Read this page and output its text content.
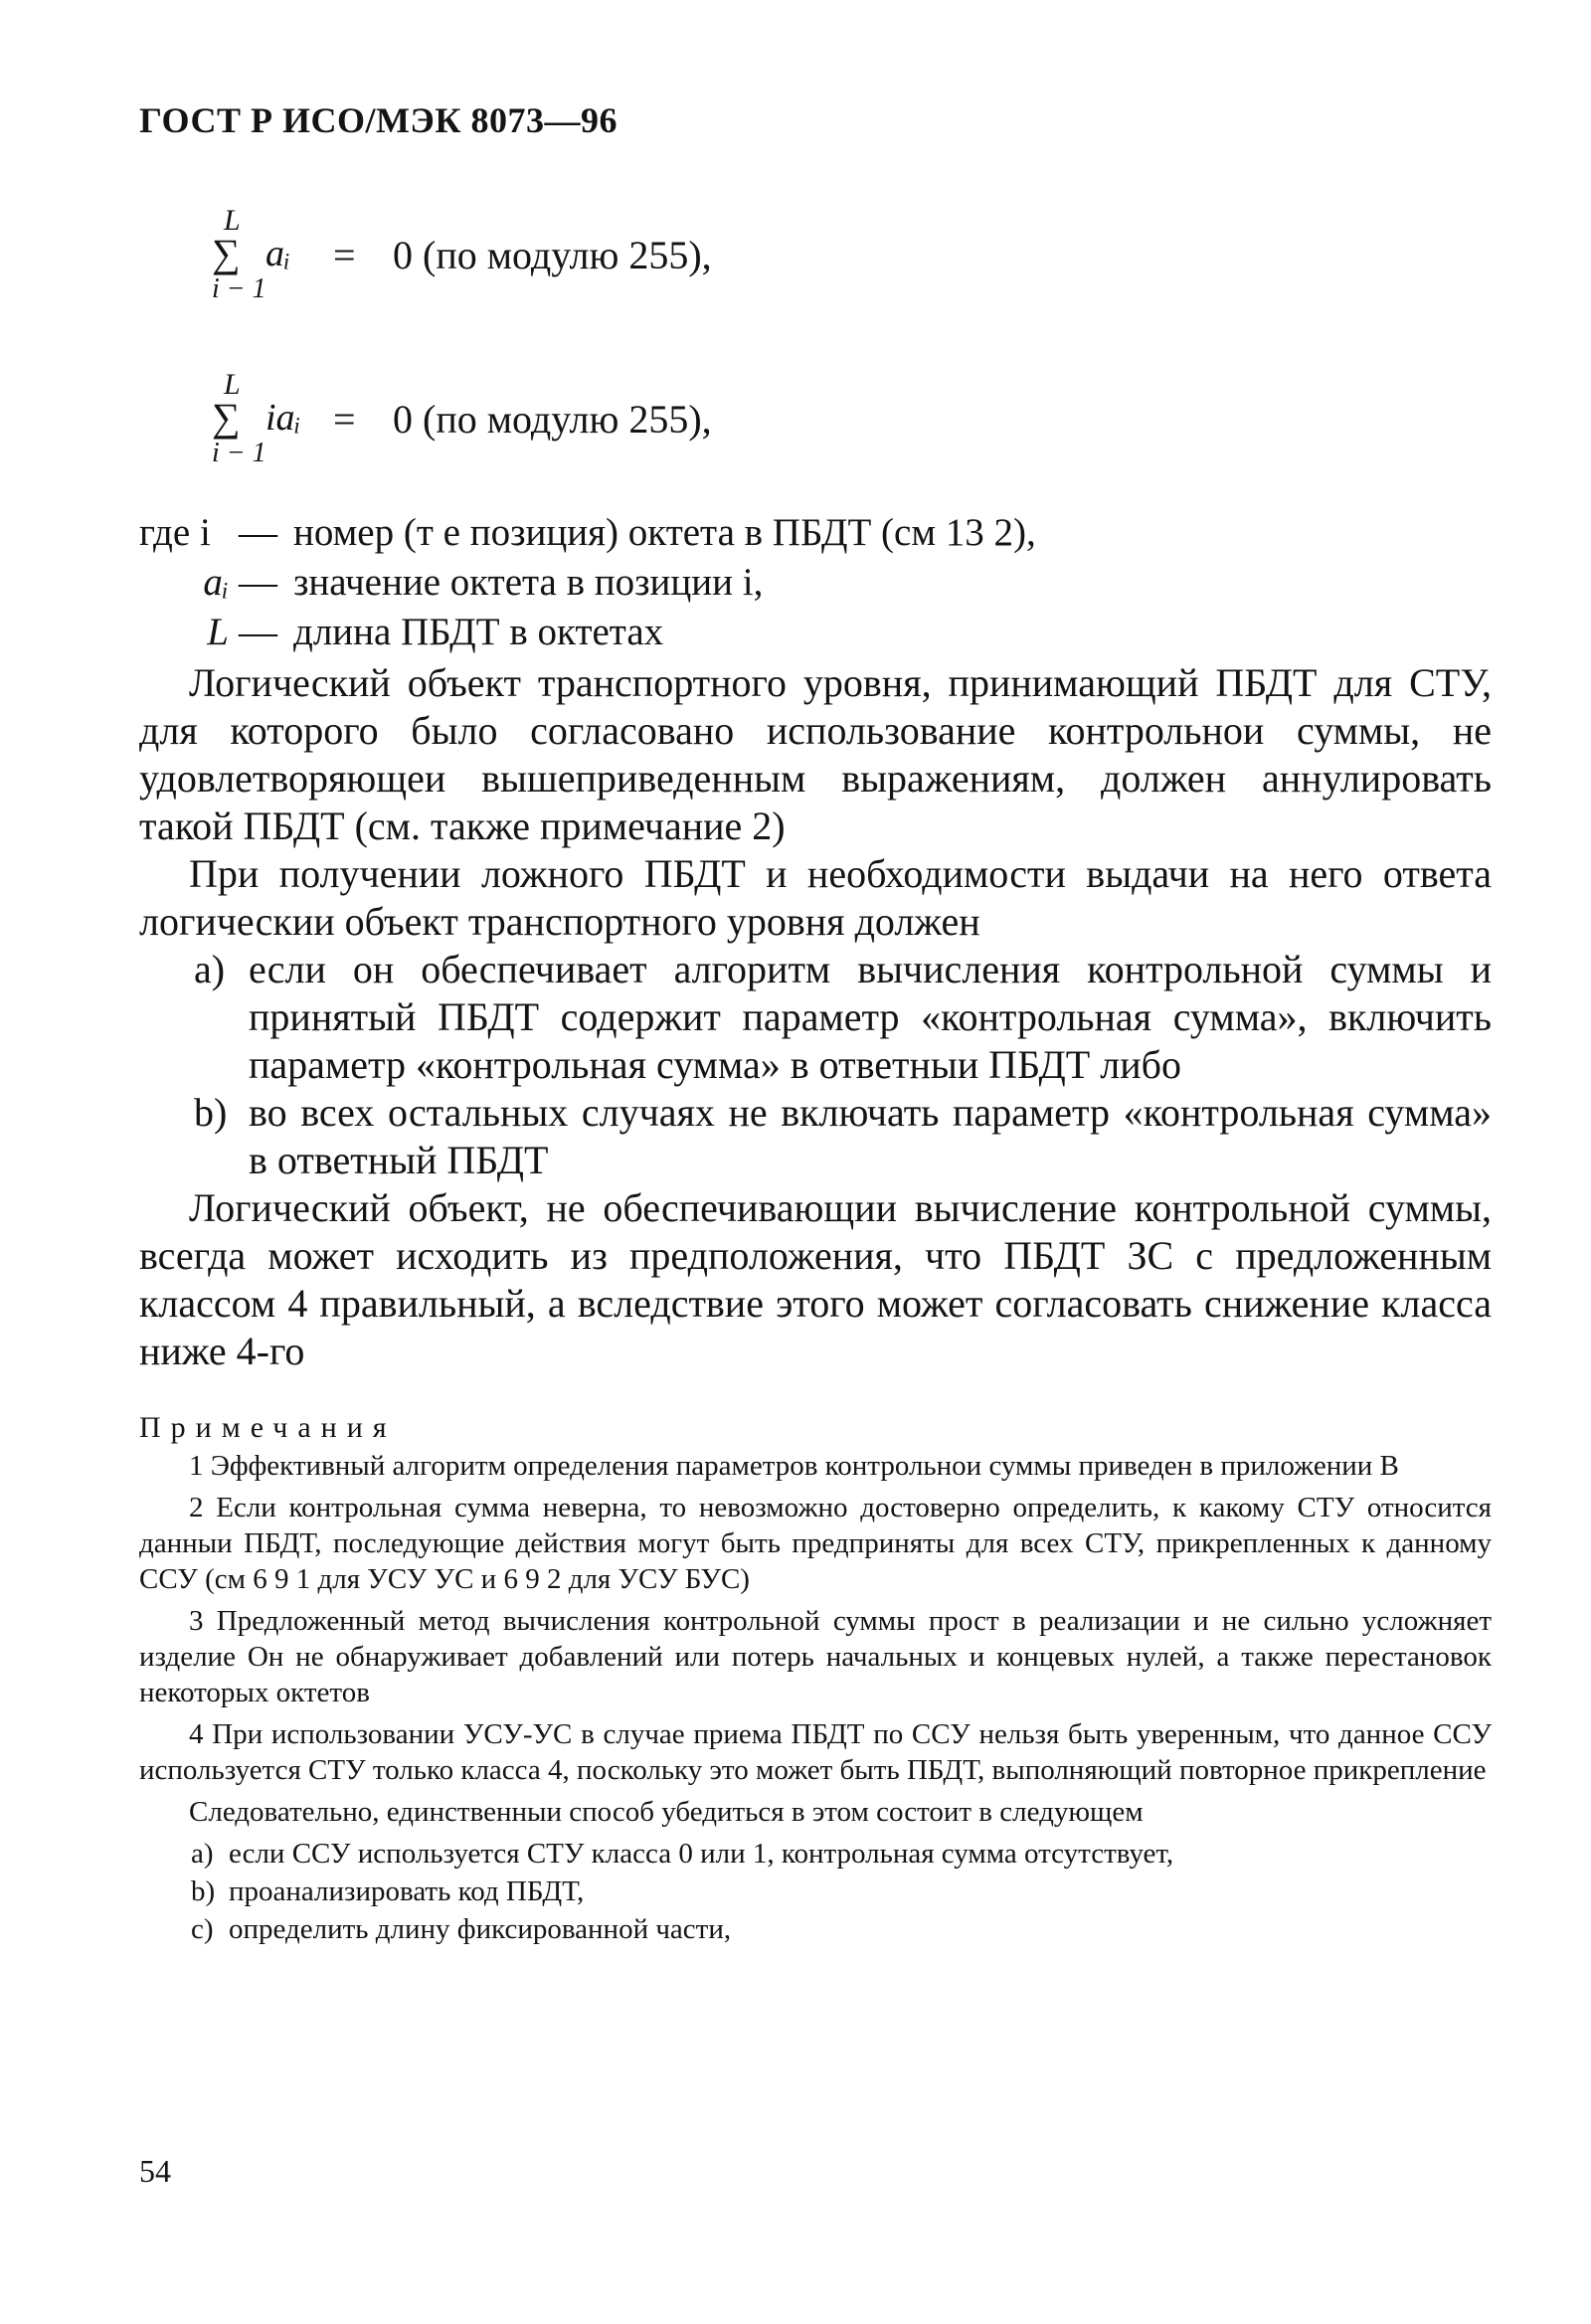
ГОСТ Р ИСО/МЭК 8073—96
L
∑
i − 1
aᵢ = 0 (по модулю 255),
L
∑
i − 1
iaᵢ = 0 (по модулю 255),
где i — номер (т е позиция) октета в ПБДТ (см 13 2),
aᵢ — значение октета в позиции i,
L — длина ПБДТ в октетах

Логический объект транспортного уровня, принимающий ПБДТ для СТУ, для которого было согласовано использование контрольнои суммы, не удовлетворяющеи вышеприведенным выражениям, должен аннулировать такой ПБДТ (см. также примечание 2)

При получении ложного ПБДТ и необходимости выдачи на него ответа логическии объект транспортного уровня должен

a) если он обеспечивает алгоритм вычисления контрольной суммы и принятый ПБДТ содержит параметр «контрольная сумма», включить параметр «контрольная сумма» в ответныи ПБДТ либо

b) во всех остальных случаях не включать параметр «контрольная сумма» в ответный ПБДТ

Логический объект, не обеспечивающии вычисление контрольной суммы, всегда может исходить из предположения, что ПБДТ ЗС с предложенным классом 4 правильный, а вследствие этого может согласовать снижение класса ниже 4-го

Примечания

1 Эффективный алгоритм определения параметров контрольнои суммы приведен в приложении В

2 Если контрольная сумма неверна, то невозможно достоверно определить, к какому СТУ относится данныи ПБДТ, последующие действия могут быть предприняты для всех СТУ, прикрепленных к данному ССУ (см 6 9 1 для УСУ УС и 6 9 2 для УСУ БУС)

3 Предложенный метод вычисления контрольной суммы прост в реализации и не сильно усложняет изделие Он не обнаруживает добавлений или потерь начальных и концевых нулей, а также перестановок некоторых октетов

4 При использовании УСУ-УС в случае приема ПБДТ по ССУ нельзя быть уверенным, что данное ССУ используется СТУ только класса 4, поскольку это может быть ПБДТ, выполняющий повторное прикрепление

Следовательно, единственныи способ убедиться в этом состоит в следующем

a) если ССУ используется СТУ класса 0 или 1, контрольная сумма отсутствует,

b) проанализировать код ПБДТ,

c) определить длину фиксированной части,

54
